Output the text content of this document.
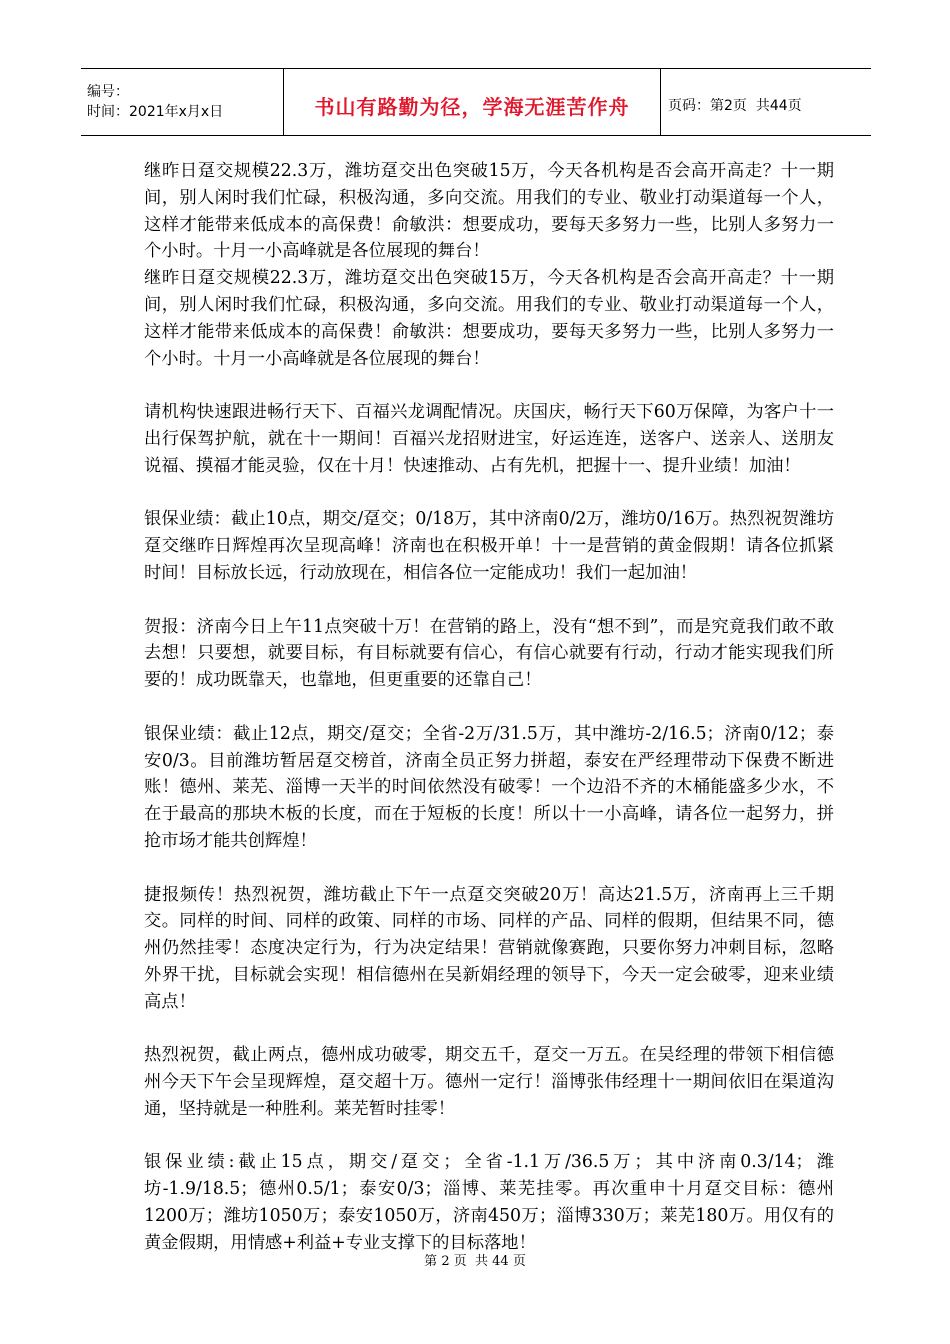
编号：
时间：2021年x月x日	书山有路勤为径，学海无涯苦作舟	页码：第2页  共44页

继昨日趸交规模22.3万，潍坊趸交出色突破15万，今天各机构是否会高开高走？十一期间，别人闲时我们忙碌，积极沟通，多向交流。用我们的专业、敬业打动渠道每一个人，这样才能带来低成本的高保费！俞敏洪：想要成功，要每天多努力一些，比别人多努力一个小时。十月一小高峰就是各位展现的舞台！

继昨日趸交规模22.3万，潍坊趸交出色突破15万，今天各机构是否会高开高走？十一期间，别人闲时我们忙碌，积极沟通，多向交流。用我们的专业、敬业打动渠道每一个人，这样才能带来低成本的高保费！俞敏洪：想要成功，要每天多努力一些，比别人多努力一个小时。十月一小高峰就是各位展现的舞台！

请机构快速跟进畅行天下、百福兴龙调配情况。庆国庆，畅行天下60万保障，为客户十一出行保驾护航，就在十一期间！百福兴龙招财进宝，好运连连，送客户、送亲人、送朋友说福、摸福才能灵验，仅在十月！快速推动、占有先机，把握十一、提升业绩！加油！

银保业绩：截止10点，期交/趸交；0/18万，其中济南0/2万，潍坊0/16万。热烈祝贺潍坊趸交继昨日辉煌再次呈现高峰！济南也在积极开单！十一是营销的黄金假期！请各位抓紧时间！目标放长远，行动放现在，相信各位一定能成功！我们一起加油！

贺报：济南今日上午11点突破十万！在营销的路上，没有“想不到”，而是究竟我们敢不敢去想！只要想，就要目标，有目标就要有信心，有信心就要有行动，行动才能实现我们所要的！成功既靠天，也靠地，但更重要的还靠自己！

银保业绩：截止12点，期交/趸交；全省-2万/31.5万，其中潍坊-2/16.5；济南0/12；泰安0/3。目前潍坊暂居趸交榜首，济南全员正努力拼超，泰安在严经理带动下保费不断进账！德州、莱芜、淄博一天半的时间依然没有破零！一个边沿不齐的木桶能盛多少水，不在于最高的那块木板的长度，而在于短板的长度！所以十一小高峰，请各位一起努力，拼抢市场才能共创辉煌！

捷报频传！热烈祝贺，潍坊截止下午一点趸交突破20万！高达21.5万，济南再上三千期交。同样的时间、同样的政策、同样的市场、同样的产品、同样的假期，但结果不同，德州仍然挂零！态度决定行为，行为决定结果！营销就像赛跑，只要你努力冲刺目标，忽略外界干扰，目标就会实现！相信德州在吴新娟经理的领导下，今天一定会破零，迎来业绩高点！

热烈祝贺，截止两点，德州成功破零，期交五千，趸交一万五。在吴经理的带领下相信德州今天下午会呈现辉煌，趸交超十万。德州一定行！淄博张伟经理十一期间依旧在渠道沟通，坚持就是一种胜利。莱芜暂时挂零！

银保业绩:截止15点，期交/趸交；全省-1.1万/36.5万；其中济南0.3/14；潍坊-1.9/18.5；德州0.5/1；泰安0/3；淄博、莱芜挂零。再次重申十月趸交目标：德州1200万；潍坊1050万；泰安1050万，济南450万；淄博330万；莱芜180万。用仅有的黄金假期，用情感+利益+专业支撑下的目标落地！

第 2 页  共 44 页
